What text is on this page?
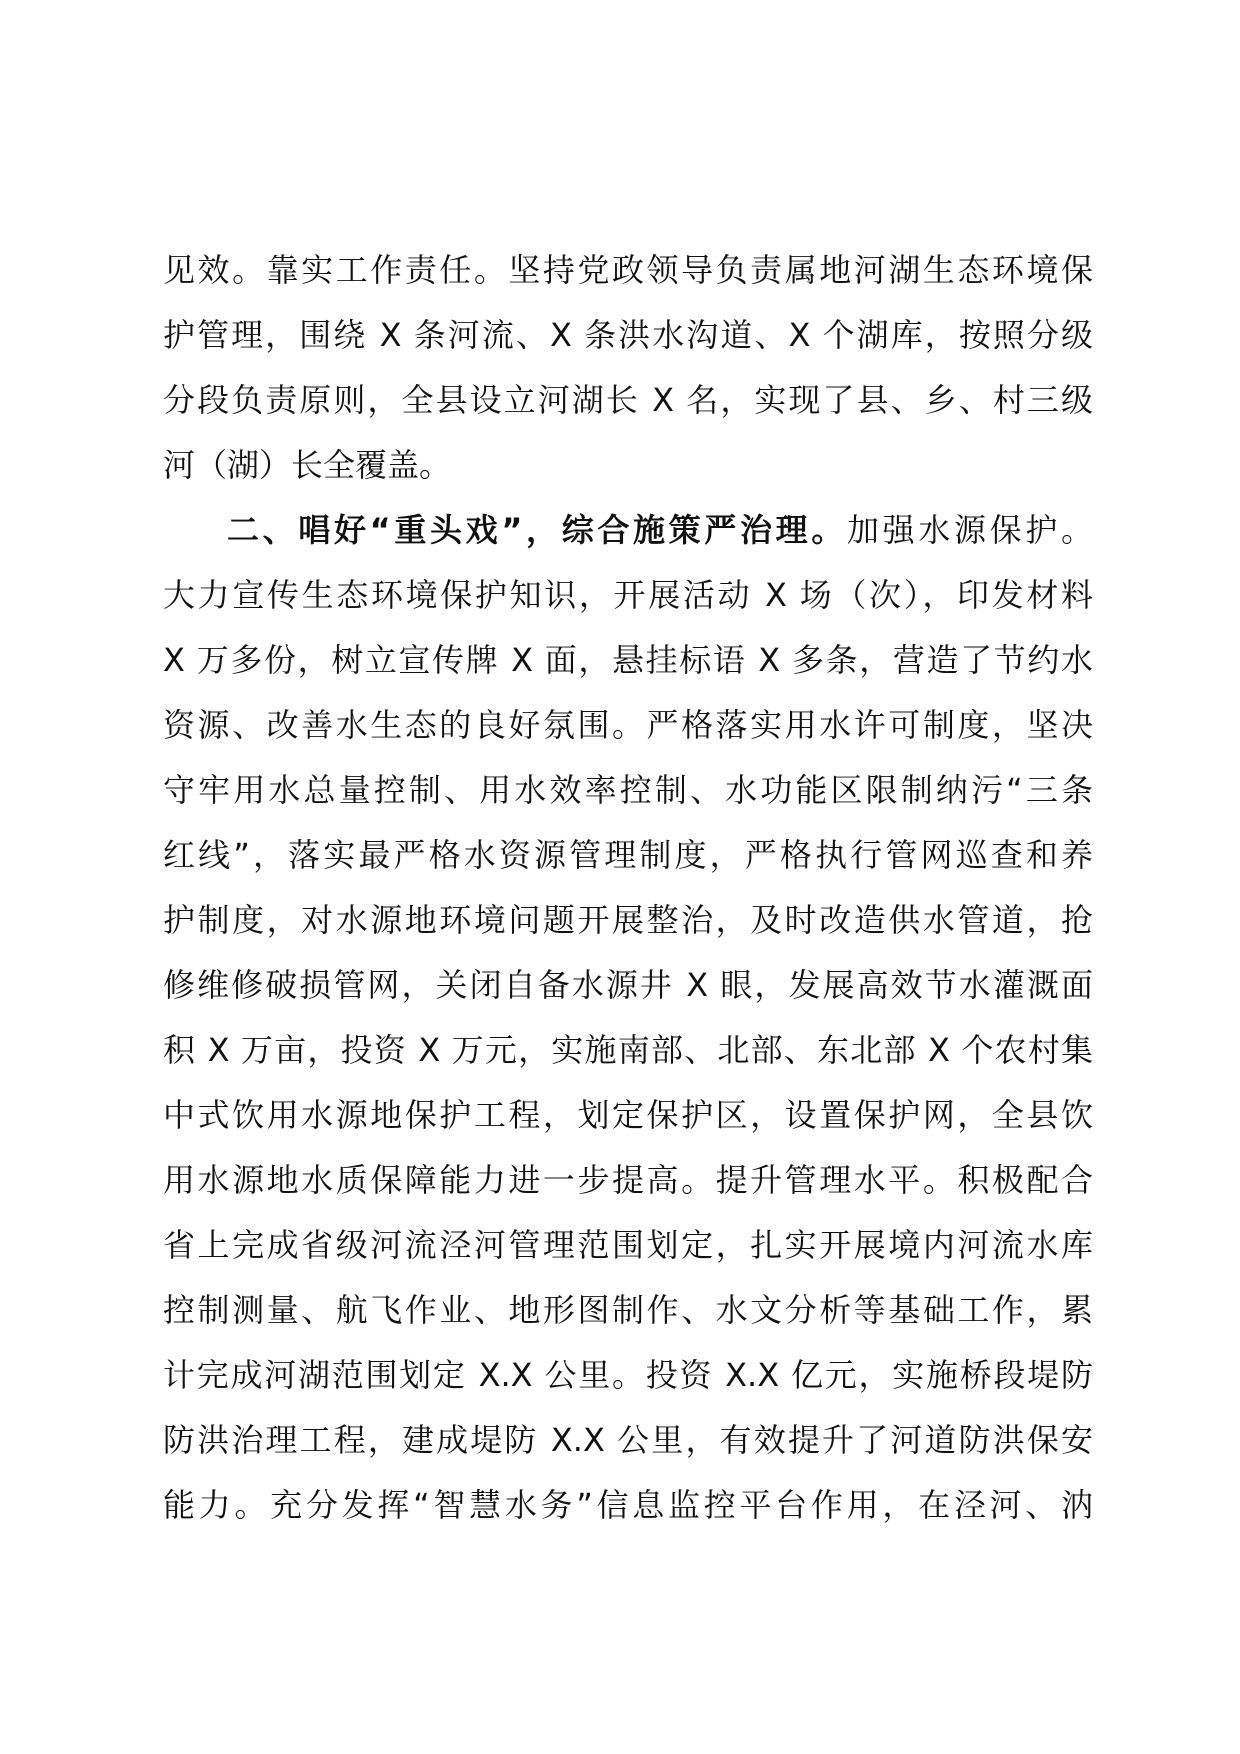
见效。靠实工作责任。坚持党政领导负责属地河湖生态环境保
护管理，围绕 X 条河流、X 条洪水沟道、X 个湖库，按照分级
分段负责原则，全县设立河湖长 X 名，实现了县、乡、村三级
河（湖）长全覆盖。
二、唱好“重头戏”，综合施策严治理。加强水源保护。
大力宣传生态环境保护知识，开展活动 X 场（次），印发材料
X 万多份，树立宣传牌 X 面，悬挂标语 X 多条，营造了节约水
资源、改善水生态的良好氛围。严格落实用水许可制度，坚决
守牢用水总量控制、用水效率控制、水功能区限制纳污“三条
红线”，落实最严格水资源管理制度，严格执行管网巡查和养
护制度，对水源地环境问题开展整治，及时改造供水管道，抢
修维修破损管网，关闭自备水源井 X 眼，发展高效节水灌溉面
积 X 万亩，投资 X 万元，实施南部、北部、东北部 X 个农村集
中式饮用水源地保护工程，划定保护区，设置保护网，全县饮
用水源地水质保障能力进一步提高。提升管理水平。积极配合
省上完成省级河流泾河管理范围划定，扎实开展境内河流水库
控制测量、航飞作业、地形图制作、水文分析等基础工作，累
计完成河湖范围划定 X.X 公里。投资 X.X 亿元，实施桥段堤防
防洪治理工程，建成堤防 X.X 公里，有效提升了河道防洪保安
能力。充分发挥“智慧水务”信息监控平台作用，在泾河、汭
